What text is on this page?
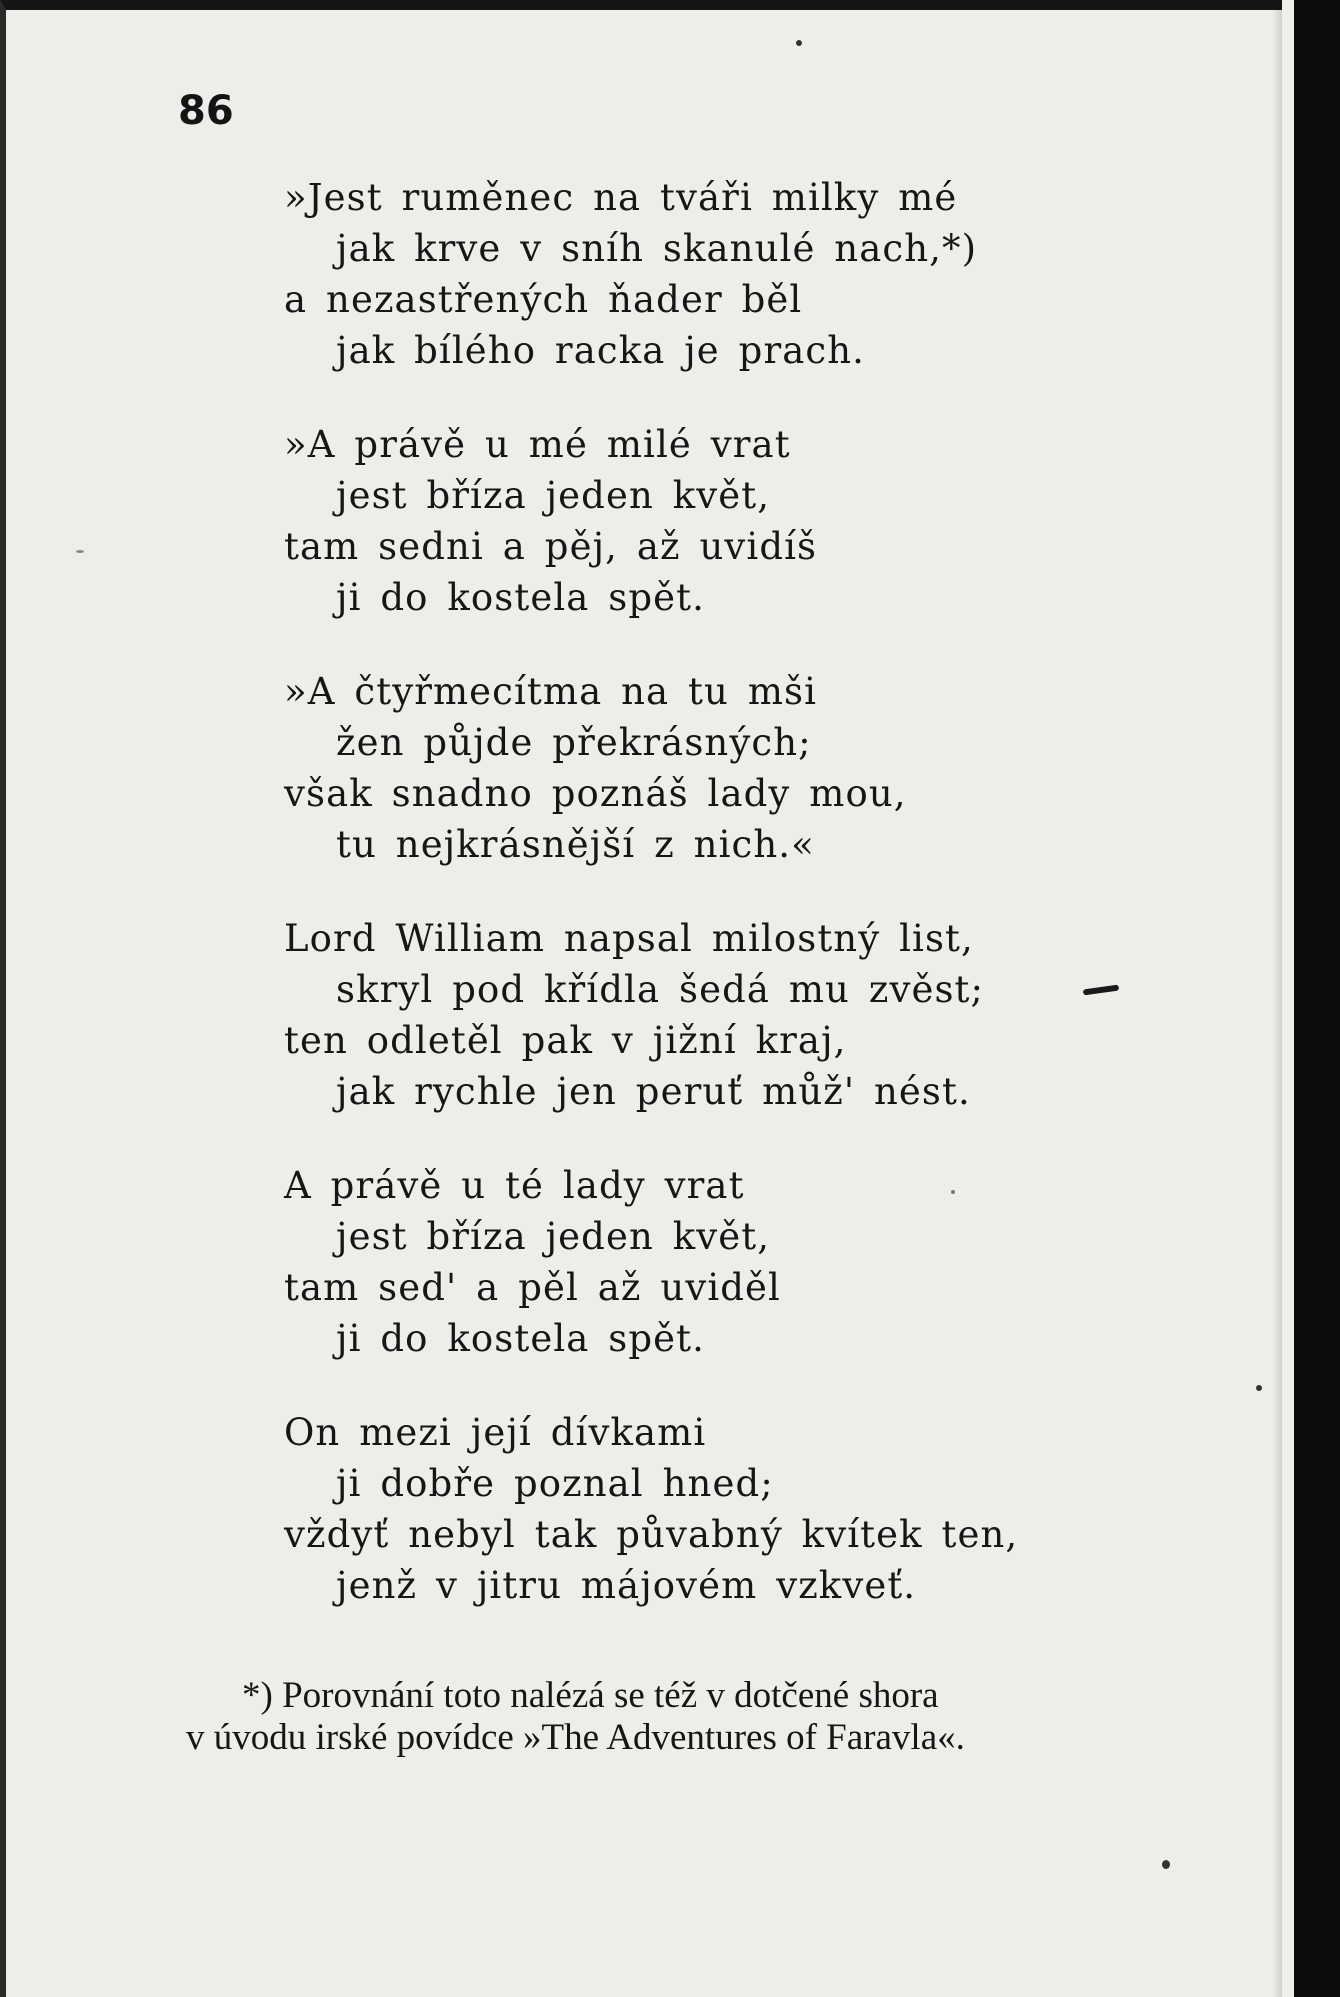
86
»Jest ruměnec na tváři milky mé
jak krve v sníh skanulé nach,*)
a nezastřených ňader běl
jak bílého racka je prach.
»A právě u mé milé vrat
jest bříza jeden květ,
tam sedni a pěj, až uvidíš
ji do kostela spět.
»A čtyřmecítma na tu mši
žen půjde překrásných;
však snadno poznáš lady mou,
tu nejkrásnější z nich.«
Lord William napsal milostný list,
skryl pod křídla šedá mu zvěst;
ten odletěl pak v jižní kraj,
jak rychle jen peruť můž' nést.
A právě u té lady vrat
jest bříza jeden květ,
tam sed' a pěl až uviděl
ji do kostela spět.
On mezi její dívkami
ji dobře poznal hned;
vždyť nebyl tak půvabný kvítek ten,
jenž v jitru májovém vzkveť.
*) Porovnání toto nalézá se též v dotčené shora
v úvodu irské povídce »The Adventures of Faravla«.
